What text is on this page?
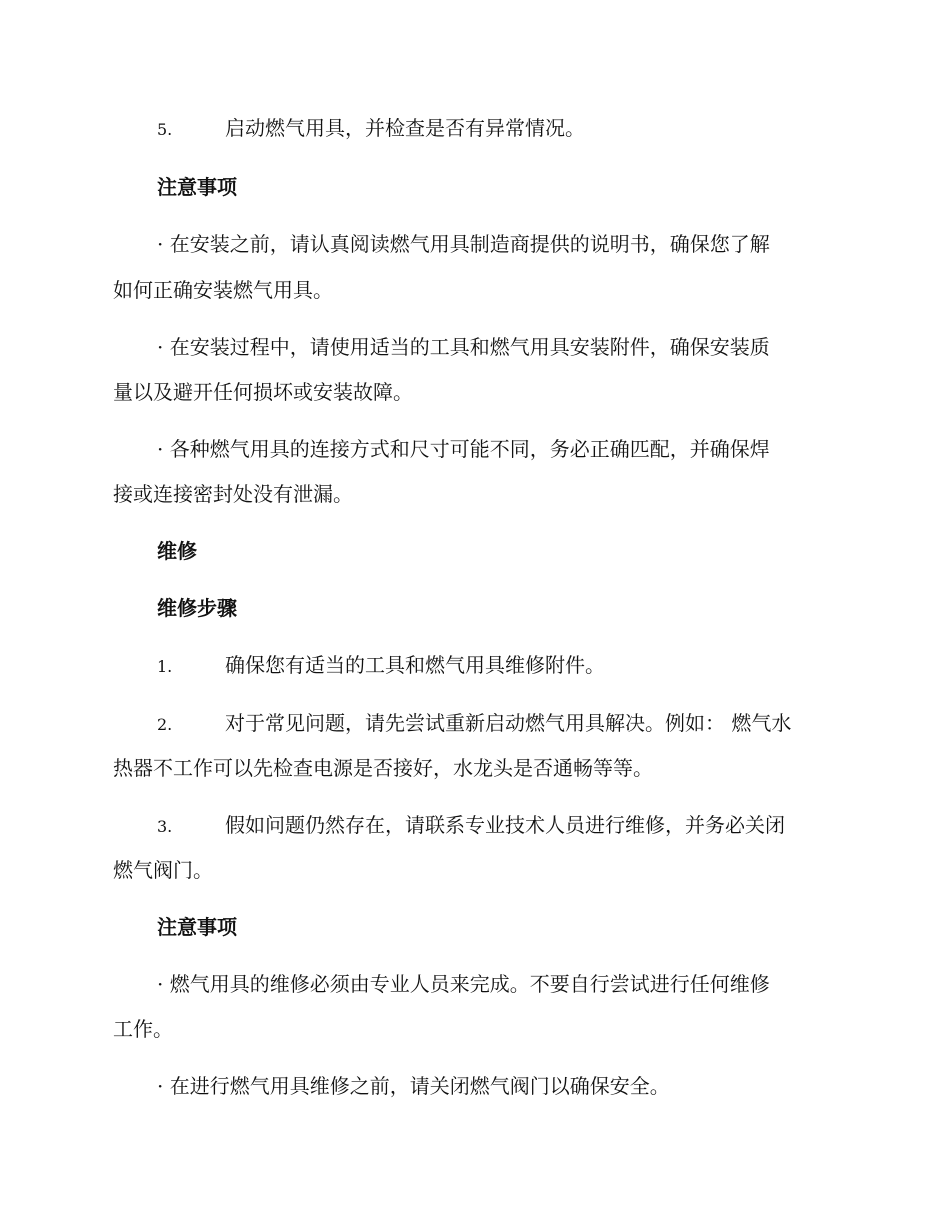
5.	启动燃气用具，并检查是否有异常情况。
注意事项
· 在安装之前，请认真阅读燃气用具制造商提供的说明书，确保您了解
如何正确安装燃气用具。
· 在安装过程中，请使用适当的工具和燃气用具安装附件，确保安装质
量以及避开任何损坏或安装故障。
· 各种燃气用具的连接方式和尺寸可能不同，务必正确匹配，并确保焊
接或连接密封处没有泄漏。
维修
维修步骤
1.	确保您有适当的工具和燃气用具维修附件。
2.	对于常见问题，请先尝试重新启动燃气用具解决。例如： 燃气水
热器不工作可以先检查电源是否接好，水龙头是否通畅等等。
3.	假如问题仍然存在，请联系专业技术人员进行维修，并务必关闭
燃气阀门。
注意事项
· 燃气用具的维修必须由专业人员来完成。不要自行尝试进行任何维修
工作。
· 在进行燃气用具维修之前，请关闭燃气阀门以确保安全。
